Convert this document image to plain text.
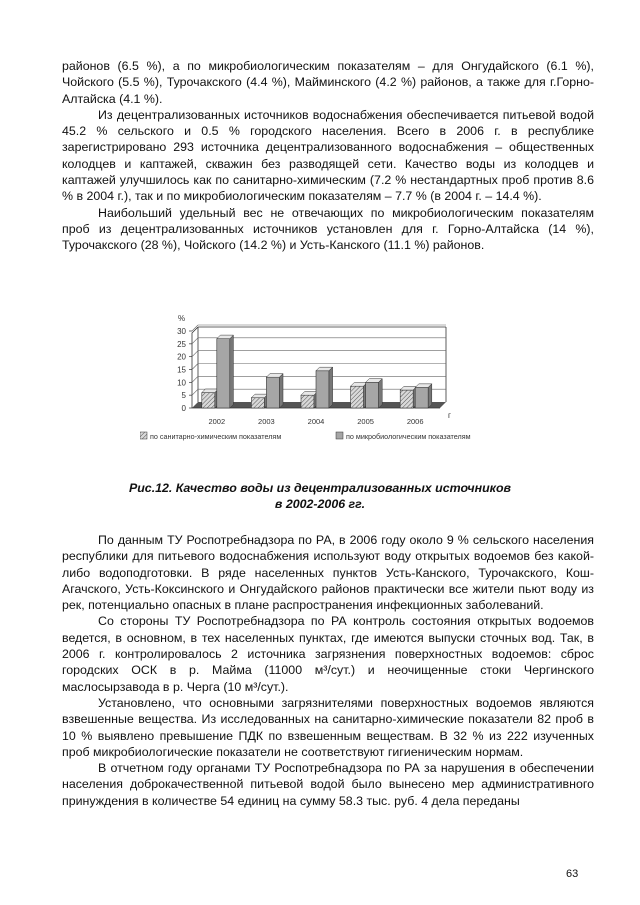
районов (6.5 %), а по микробиологическим показателям – для Онгудайского (6.1 %), Чойского (5.5 %), Турочакского (4.4 %), Майминского (4.2 %) районов, а также для г.Горно-Алтайска (4.1 %).

Из децентрализованных источников водоснабжения обеспечивается питьевой водой 45.2 % сельского и 0.5 % городского населения. Всего в 2006 г. в республике зарегистрировано 293 источника децентрализованного водоснабжения – общественных колодцев и каптажей, скважин без разводящей сети. Качество воды из колодцев и каптажей улучшилось как по санитарно-химическим (7.2 % нестандартных проб против 8.6 % в 2004 г.), так и по микробиологическим показателям – 7.7 % (в 2004 г. – 14.4 %).

Наибольший удельный вес не отвечающих по микробиологическим показателям проб из децентрализованных источников установлен для г. Горно-Алтайска (14 %), Турочакского (28 %), Чойского (14.2 %) и Усть-Канского (11.1 %) районов.

0
5
10
15
20
25
30
%
г
2002	2003	2004	2005	2006
по санитарно-химическим показателям	по микробиологическим показателям
Рис.12. Качество воды из децентрализованных источников
в 2002-2006 гг.

По данным ТУ Роспотребнадзора по РА, в 2006 году около 9 % сельского населения республики для питьевого водоснабжения используют воду открытых водоемов без какой-либо водоподготовки. В ряде населенных пунктов Усть-Канского, Турочакского, Кош-Агачского, Усть-Коксинского и Онгудайского районов практически все жители пьют воду из рек, потенциально опасных в плане распространения инфекционных заболеваний.

Со стороны ТУ Роспотребнадзора по РА контроль состояния открытых водоемов ведется, в основном, в тех населенных пунктах, где имеются выпуски сточных вод. Так, в 2006 г. контролировалось 2 источника загрязнения поверхностных водоемов: сброс городских ОСК в р. Майма (11000 м³/сут.) и неочищенные стоки Чергинского маслосырзавода в р. Черга (10 м³/сут.).

Установлено, что основными загрязнителями поверхностных водоемов являются взвешенные вещества. Из исследованных на санитарно-химические показатели 82 проб в 10 % выявлено превышение ПДК по взвешенным веществам. В 32 % из 222 изученных проб микробиологические показатели не соответствуют гигиеническим нормам.

В отчетном году органами ТУ Роспотребнадзора по РА за нарушения в обеспечении населения доброкачественной питьевой водой было вынесено мер административного принуждения в количестве 54 единиц на сумму 58.3 тыс. руб. 4 дела переданы

63
